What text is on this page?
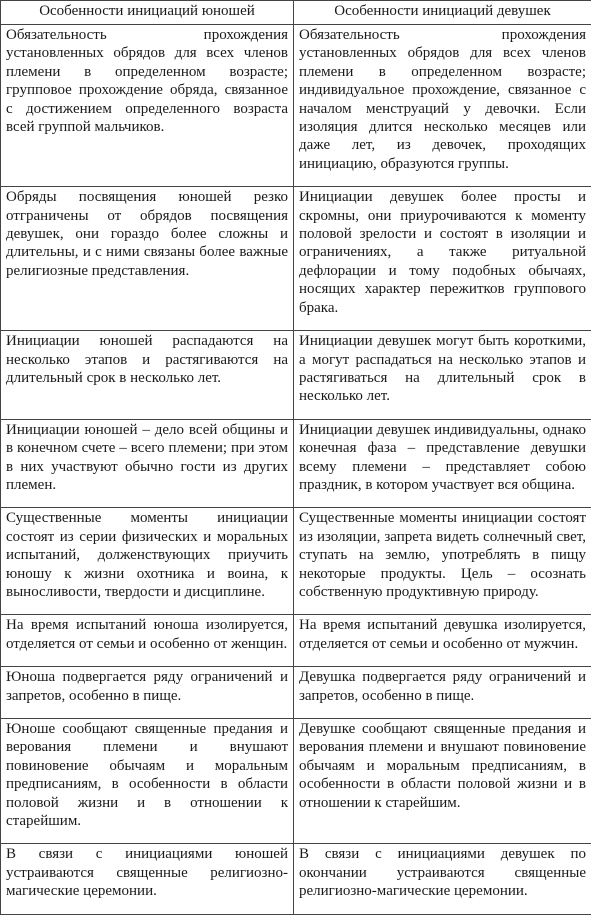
Особенности инициаций юношей	Особенности инициаций девушек
Обязательность прохождения установленных обрядов для всех членов племени в определенном возрасте; групповое прохождение обряда, связанное с достижением определенного возраста всей группой мальчиков.	Обязательность прохождения установленных обрядов для всех членов племени в определенном возрасте; индивидуальное прохождение, связанное с началом менструаций у девочки. Если изоляция длится несколько месяцев или даже лет, из девочек, проходящих инициацию, образуются группы.
Обряды посвящения юношей резко отграничены от обрядов посвящения девушек, они гораздо более сложны и длительны, и с ними связаны более важные религиозные представления.	Инициации девушек более просты и скромны, они приурочиваются к моменту половой зрелости и состоят в изоляции и ограничениях, а также ритуальной дефлорации и тому подобных обычаях, носящих характер пережитков группового брака.
Инициации юношей распадаются на несколько этапов и растягиваются на длительный срок в несколько лет.	Инициации девушек могут быть короткими, а могут распадаться на несколько этапов и растягиваться на длительный срок в несколько лет.
Инициации юношей – дело всей общины и в конечном счете – всего племени; при этом в них участвуют обычно гости из других племен.	Инициации девушек индивидуальны, однако конечная фаза – представление девушки всему племени – представляет собою праздник, в котором участвует вся община.
Существенные моменты инициации состоят из серии физических и моральных испытаний, долженствующих приучить юношу к жизни охотника и воина, к выносливости, твердости и дисциплине.	Существенные моменты инициации состоят из изоляции, запрета видеть солнечный свет, ступать на землю, употреблять в пищу некоторые продукты. Цель – осознать собственную продуктивную природу.
На время испытаний юноша изолируется, отделяется от семьи и особенно от женщин.	На время испытаний девушка изолируется, отделяется от семьи и особенно от мужчин.
Юноша подвергается ряду ограничений и запретов, особенно в пище.	Девушка подвергается ряду ограничений и запретов, особенно в пище.
Юноше сообщают священные предания и верования племени и внушают повиновение обычаям и моральным предписаниям, в особенности в области половой жизни и в отношении к старейшим.	Девушке сообщают священные предания и верования племени и внушают повиновение обычаям и моральным предписаниям, в особенности в области половой жизни и в отношении к старейшим.
В связи с инициациями юношей устраиваются священные религиозно-магические церемонии.	В связи с инициациями девушек по окончании устраиваются священные религиозно-магические церемонии.
